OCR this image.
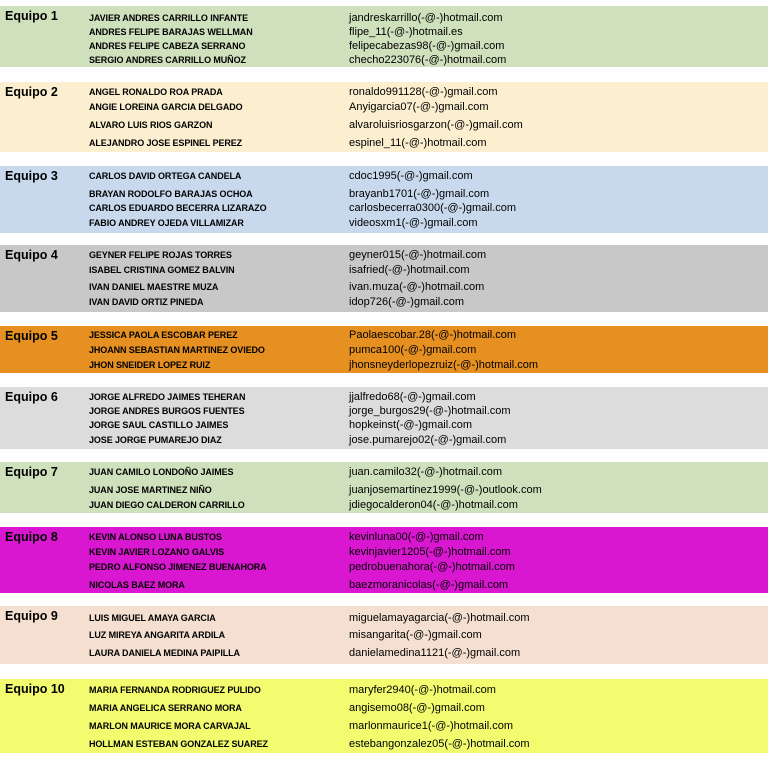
Equipo 1	JAVIER ANDRES CARRILLO INFANTE	jandreskarrillo(-@-)hotmail.com
ANDRES FELIPE BARAJAS WELLMAN	flipe_11(-@-)hotmail.es
ANDRES FELIPE CABEZA SERRANO	felipecabezas98(-@-)gmail.com
SERGIO ANDRES CARRILLO MUÑOZ	checho223076(-@-)hotmail.com
Equipo 2	ANGEL RONALDO ROA PRADA	ronaldo991128(-@-)gmail.com
ANGIE LOREINA GARCIA DELGADO	Anyigarcia07(-@-)gmail.com
ALVARO LUIS RIOS GARZON	alvaroluisriosgarzon(-@-)gmail.com
ALEJANDRO JOSE ESPINEL PEREZ	espinel_11(-@-)hotmail.com
Equipo 3	CARLOS DAVID ORTEGA CANDELA	cdoc1995(-@-)gmail.com
BRAYAN RODOLFO BARAJAS OCHOA	brayanb1701(-@-)gmail.com
CARLOS EDUARDO BECERRA LIZARAZO	carlosbecerra0300(-@-)gmail.com
FABIO ANDREY OJEDA VILLAMIZAR	videosxm1(-@-)gmail.com
Equipo 4	GEYNER FELIPE ROJAS TORRES	geyner015(-@-)hotmail.com
ISABEL CRISTINA GOMEZ BALVIN	isafried(-@-)hotmail.com
IVAN DANIEL MAESTRE MUZA	ivan.muza(-@-)hotmail.com
IVAN DAVID ORTIZ PINEDA	idop726(-@-)gmail.com
Equipo 5	JESSICA PAOLA ESCOBAR PEREZ	Paolaescobar.28(-@-)hotmail.com
JHOANN SEBASTIAN MARTINEZ OVIEDO	pumca100(-@-)gmail.com
JHON SNEIDER LOPEZ RUIZ	jhonsneyderlopezruiz(-@-)hotmail.com
Equipo 6	JORGE ALFREDO JAIMES TEHERAN	jjalfredo68(-@-)gmail.com
JORGE ANDRES BURGOS FUENTES	jorge_burgos29(-@-)hotmail.com
JORGE SAUL CASTILLO JAIMES	hopkeinst(-@-)gmail.com
JOSE JORGE PUMAREJO DIAZ	jose.pumarejo02(-@-)gmail.com
Equipo 7	JUAN CAMILO LONDOÑO JAIMES	juan.camilo32(-@-)hotmail.com
JUAN JOSE MARTINEZ NIÑO	juanjosemartinez1999(-@-)outlook.com
JUAN DIEGO CALDERON CARRILLO	jdiegocalderon04(-@-)hotmail.com
Equipo 8	KEVIN ALONSO LUNA BUSTOS	kevinluna00(-@-)gmail.com
KEVIN JAVIER LOZANO GALVIS	kevinjavier1205(-@-)hotmail.com
PEDRO ALFONSO JIMENEZ BUENAHORA	pedrobuenahora(-@-)hotmail.com
NICOLAS BAEZ MORA	baezmoranicolas(-@-)gmail.com
Equipo 9	LUIS MIGUEL AMAYA GARCIA	miguelamayagarcia(-@-)hotmail.com
LUZ MIREYA ANGARITA ARDILA	misangarita(-@-)gmail.com
LAURA DANIELA MEDINA PAIPILLA	danielamedina1121(-@-)gmail.com
Equipo 10	MARIA FERNANDA RODRIGUEZ PULIDO	maryfer2940(-@-)hotmail.com
MARIA ANGELICA SERRANO MORA	angisemo08(-@-)gmail.com
MARLON MAURICE MORA CARVAJAL	marlonmaurice1(-@-)hotmail.com
HOLLMAN ESTEBAN GONZALEZ SUAREZ	estebangonzalez05(-@-)hotmail.com
